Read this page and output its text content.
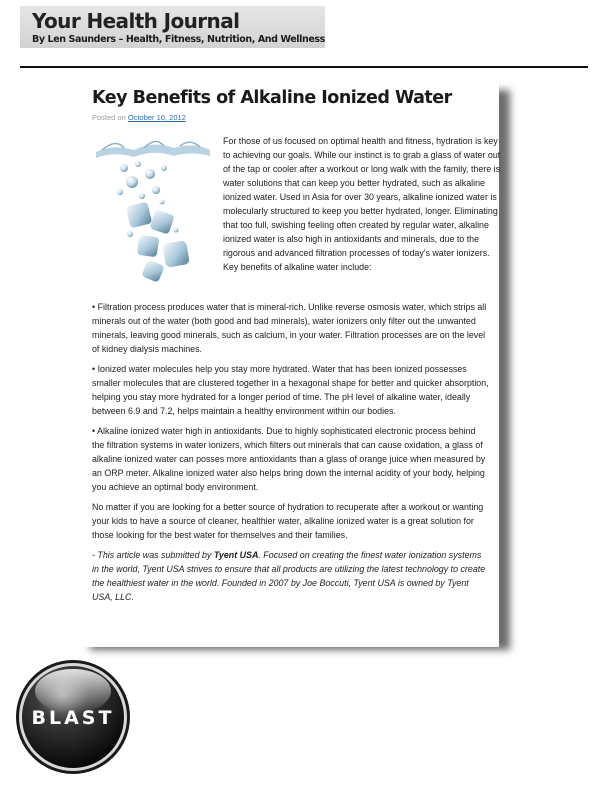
Your Health Journal
By Len Saunders – Health, Fitness, Nutrition, And Wellness
Key Benefits of Alkaline Ionized Water
Posted on October 10, 2012
For those of us focused on optimal health and fitness, hydration is key to achieving our goals. While our instinct is to grab a glass of water out of the tap or cooler after a workout or long walk with the family, there is water solutions that can keep you better hydrated, such as alkaline ionized water. Used in Asia for over 30 years, alkaline ionized water is molecularly structured to keep you better hydrated, longer. Eliminating that too full, swishing feeling often created by regular water, alkaline ionized water is also high in antioxidants and minerals, due to the rigorous and advanced filtration processes of today's water ionizers. Key benefits of alkaline water include:

• Filtration process produces water that is mineral-rich. Unlike reverse osmosis water, which strips all minerals out of the water (both good and bad minerals), water ionizers only filter out the unwanted minerals, leaving good minerals, such as calcium, in your water. Filtration processes are on the level of kidney dialysis machines.

• Ionized water molecules help you stay more hydrated. Water that has been ionized possesses smaller molecules that are clustered together in a hexagonal shape for better and quicker absorption, helping you stay more hydrated for a longer period of time. The pH level of alkaline water, ideally between 6.9 and 7.2, helps maintain a healthy environment within our bodies.

• Alkaline ionized water high in antioxidants. Due to highly sophisticated electronic process behind the filtration systems in water ionizers, which filters out minerals that can cause oxidation, a glass of alkaline ionized water can posses more antioxidants than a glass of orange juice when measured by an ORP meter. Alkaline ionized water also helps bring down the internal acidity of your body, helping you achieve an optimal body environment.

No matter if you are looking for a better source of hydration to recuperate after a workout or wanting your kids to have a source of cleaner, healthier water, alkaline ionized water is a great solution for those looking for the best water for themselves and their families.

- This article was submitted by Tyent USA. Focused on creating the finest water ionization systems in the world, Tyent USA strives to ensure that all products are utilizing the latest technology to create the healthiest water in the world. Founded in 2007 by Joe Boccuti, Tyent USA is owned by Tyent USA, LLC.

BLAST
